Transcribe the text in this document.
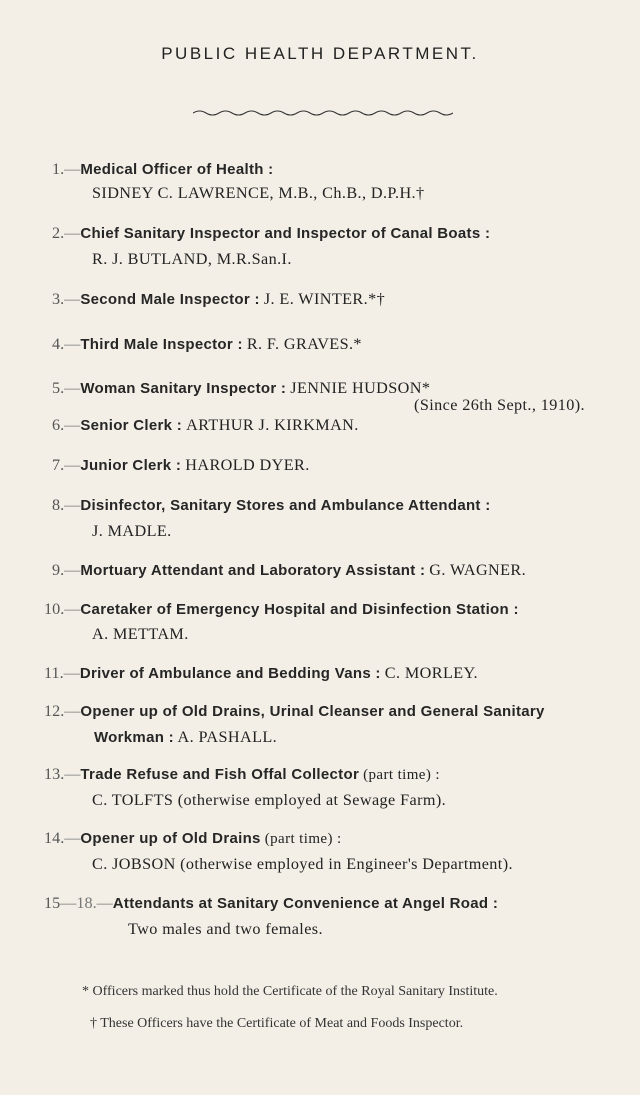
PUBLIC HEALTH DEPARTMENT.
1.—Medical Officer of Health :
SIDNEY C. LAWRENCE, M.B., Ch.B., D.P.H.†
2.—Chief Sanitary Inspector and Inspector of Canal Boats :
R. J. BUTLAND, M.R.San.I.
3.—Second Male Inspector : J. E. WINTER.*†
4.—Third Male Inspector : R. F. GRAVES.*
5.—Woman Sanitary Inspector : JENNIE HUDSON*
(Since 26th Sept., 1910).
6.—Senior Clerk : ARTHUR J. KIRKMAN.
7.—Junior Clerk : HAROLD DYER.
8.—Disinfector, Sanitary Stores and Ambulance Attendant :
J. MADLE.
9.—Mortuary Attendant and Laboratory Assistant : G. WAGNER.
10.—Caretaker of Emergency Hospital and Disinfection Station :
A. METTAM.
11.—Driver of Ambulance and Bedding Vans : C. MORLEY.
12.—Opener up of Old Drains, Urinal Cleanser and General Sanitary
Workman : A. PASHALL.
13.—Trade Refuse and Fish Offal Collector (part time) :
C. TOLFTS (otherwise employed at Sewage Farm).
14.—Opener up of Old Drains (part time) :
C. JOBSON (otherwise employed in Engineer's Department).
15—18.—Attendants at Sanitary Convenience at Angel Road :
Two males and two females.
* Officers marked thus hold the Certificate of the Royal Sanitary Institute.
† These Officers have the Certificate of Meat and Foods Inspector.
